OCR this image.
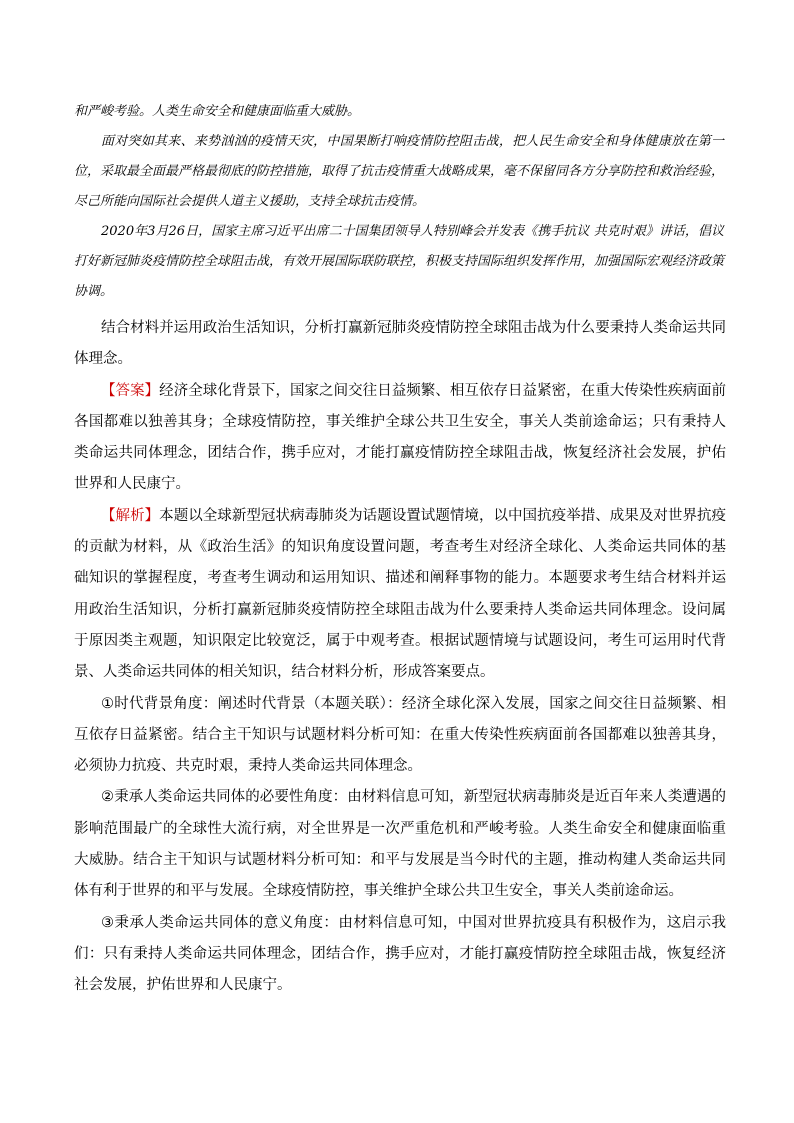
和严峻考验。人类生命安全和健康面临重大威胁。

面对突如其来、来势汹汹的疫情天灾，中国果断打响疫情防控阻击战，把人民生命安全和身体健康放在第一位，采取最全面最严格最彻底的防控措施，取得了抗击疫情重大战略成果，毫不保留同各方分享防控和救治经验，尽己所能向国际社会提供人道主义援助，支持全球抗击疫情。

2020年3月26日，国家主席习近平出席二十国集团领导人特别峰会并发表《携手抗议 共克时艰》讲话，倡议打好新冠肺炎疫情防控全球阻击战，有效开展国际联防联控，积极支持国际组织发挥作用，加强国际宏观经济政策协调。

结合材料并运用政治生活知识，分析打赢新冠肺炎疫情防控全球阻击战为什么要秉持人类命运共同体理念。

【答案】经济全球化背景下，国家之间交往日益频繁、相互依存日益紧密，在重大传染性疾病面前各国都难以独善其身；全球疫情防控，事关维护全球公共卫生安全，事关人类前途命运；只有秉持人类命运共同体理念，团结合作，携手应对，才能打赢疫情防控全球阻击战，恢复经济社会发展，护佑世界和人民康宁。

【解析】本题以全球新型冠状病毒肺炎为话题设置试题情境，以中国抗疫举措、成果及对世界抗疫的贡献为材料，从《政治生活》的知识角度设置问题，考查考生对经济全球化、人类命运共同体的基础知识的掌握程度，考查考生调动和运用知识、描述和阐释事物的能力。本题要求考生结合材料并运用政治生活知识，分析打赢新冠肺炎疫情防控全球阻击战为什么要秉持人类命运共同体理念。设问属于原因类主观题，知识限定比较宽泛，属于中观考查。根据试题情境与试题设问，考生可运用时代背景、人类命运共同体的相关知识，结合材料分析，形成答案要点。

①时代背景角度：阐述时代背景（本题关联）：经济全球化深入发展，国家之间交往日益频繁、相互依存日益紧密。结合主干知识与试题材料分析可知：在重大传染性疾病面前各国都难以独善其身，必须协力抗疫、共克时艰，秉持人类命运共同体理念。

②秉承人类命运共同体的必要性角度：由材料信息可知，新型冠状病毒肺炎是近百年来人类遭遇的影响范围最广的全球性大流行病，对全世界是一次严重危机和严峻考验。人类生命安全和健康面临重大威胁。结合主干知识与试题材料分析可知：和平与发展是当今时代的主题，推动构建人类命运共同体有利于世界的和平与发展。全球疫情防控，事关维护全球公共卫生安全，事关人类前途命运。

③秉承人类命运共同体的意义角度：由材料信息可知，中国对世界抗疫具有积极作为，这启示我们：只有秉持人类命运共同体理念，团结合作，携手应对，才能打赢疫情防控全球阻击战，恢复经济社会发展，护佑世界和人民康宁。
